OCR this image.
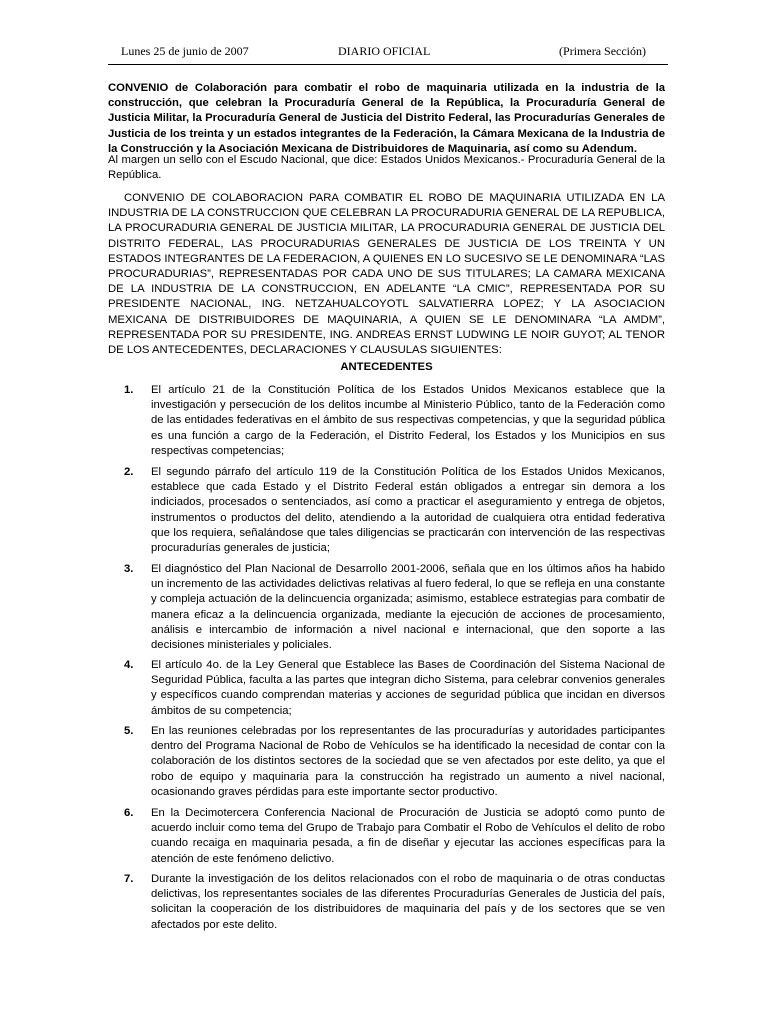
Lunes 25 de junio de 2007	DIARIO OFICIAL	(Primera Sección)

CONVENIO de Colaboración para combatir el robo de maquinaria utilizada en la industria de la construcción, que celebran la Procuraduría General de la República, la Procuraduría General de Justicia Militar, la Procuraduría General de Justicia del Distrito Federal, las Procuradurías Generales de Justicia de los treinta y un estados integrantes de la Federación, la Cámara Mexicana de la Industria de la Construcción y la Asociación Mexicana de Distribuidores de Maquinaria, así como su Adendum.

Al margen un sello con el Escudo Nacional, que dice: Estados Unidos Mexicanos.- Procuraduría General de la República.

CONVENIO DE COLABORACION PARA COMBATIR EL ROBO DE MAQUINARIA UTILIZADA EN LA INDUSTRIA DE LA CONSTRUCCION QUE CELEBRAN LA PROCURADURIA GENERAL DE LA REPUBLICA, LA PROCURADURIA GENERAL DE JUSTICIA MILITAR, LA PROCURADURIA GENERAL DE JUSTICIA DEL DISTRITO FEDERAL, LAS PROCURADURIAS GENERALES DE JUSTICIA DE LOS TREINTA Y UN ESTADOS INTEGRANTES DE LA FEDERACION, A QUIENES EN LO SUCESIVO SE LE DENOMINARA “LAS PROCURADURIAS”, REPRESENTADAS POR CADA UNO DE SUS TITULARES; LA CAMARA MEXICANA DE LA INDUSTRIA DE LA CONSTRUCCION, EN ADELANTE “LA CMIC”, REPRESENTADA POR SU PRESIDENTE NACIONAL, ING. NETZAHUALCOYOTL SALVATIERRA LOPEZ; Y LA ASOCIACION MEXICANA DE DISTRIBUIDORES DE MAQUINARIA, A QUIEN SE LE DENOMINARA “LA AMDM”, REPRESENTADA POR SU PRESIDENTE, ING. ANDREAS ERNST LUDWING LE NOIR GUYOT; AL TENOR DE LOS ANTECEDENTES, DECLARACIONES Y CLAUSULAS SIGUIENTES:

ANTECEDENTES

1. El artículo 21 de la Constitución Política de los Estados Unidos Mexicanos establece que la investigación y persecución de los delitos incumbe al Ministerio Público, tanto de la Federación como de las entidades federativas en el ámbito de sus respectivas competencias, y que la seguridad pública es una función a cargo de la Federación, el Distrito Federal, los Estados y los Municipios en sus respectivas competencias;

2. El segundo párrafo del artículo 119 de la Constitución Política de los Estados Unidos Mexicanos, establece que cada Estado y el Distrito Federal están obligados a entregar sin demora a los indiciados, procesados o sentenciados, así como a practicar el aseguramiento y entrega de objetos, instrumentos o productos del delito, atendiendo a la autoridad de cualquiera otra entidad federativa que los requiera, señalándose que tales diligencias se practicarán con intervención de las respectivas procuradurías generales de justicia;

3. El diagnóstico del Plan Nacional de Desarrollo 2001-2006, señala que en los últimos años ha habido un incremento de las actividades delictivas relativas al fuero federal, lo que se refleja en una constante y compleja actuación de la delincuencia organizada; asimismo, establece estrategias para combatir de manera eficaz a la delincuencia organizada, mediante la ejecución de acciones de procesamiento, análisis e intercambio de información a nivel nacional e internacional, que den soporte a las decisiones ministeriales y policiales.

4. El artículo 4o. de la Ley General que Establece las Bases de Coordinación del Sistema Nacional de Seguridad Pública, faculta a las partes que integran dicho Sistema, para celebrar convenios generales y específicos cuando comprendan materias y acciones de seguridad pública que incidan en diversos ámbitos de su competencia;

5. En las reuniones celebradas por los representantes de las procuradurías y autoridades participantes dentro del Programa Nacional de Robo de Vehículos se ha identificado la necesidad de contar con la colaboración de los distintos sectores de la sociedad que se ven afectados por este delito, ya que el robo de equipo y maquinaria para la construcción ha registrado un aumento a nivel nacional, ocasionando graves pérdidas para este importante sector productivo.

6. En la Decimotercera Conferencia Nacional de Procuración de Justicia se adoptó como punto de acuerdo incluir como tema del Grupo de Trabajo para Combatir el Robo de Vehículos el delito de robo cuando recaiga en maquinaria pesada, a fin de diseñar y ejecutar las acciones específicas para la atención de este fenómeno delictivo.

7. Durante la investigación de los delitos relacionados con el robo de maquinaria o de otras conductas delictivas, los representantes sociales de las diferentes Procuradurías Generales de Justicia del país, solicitan la cooperación de los distribuidores de maquinaria del país y de los sectores que se ven afectados por este delito.
